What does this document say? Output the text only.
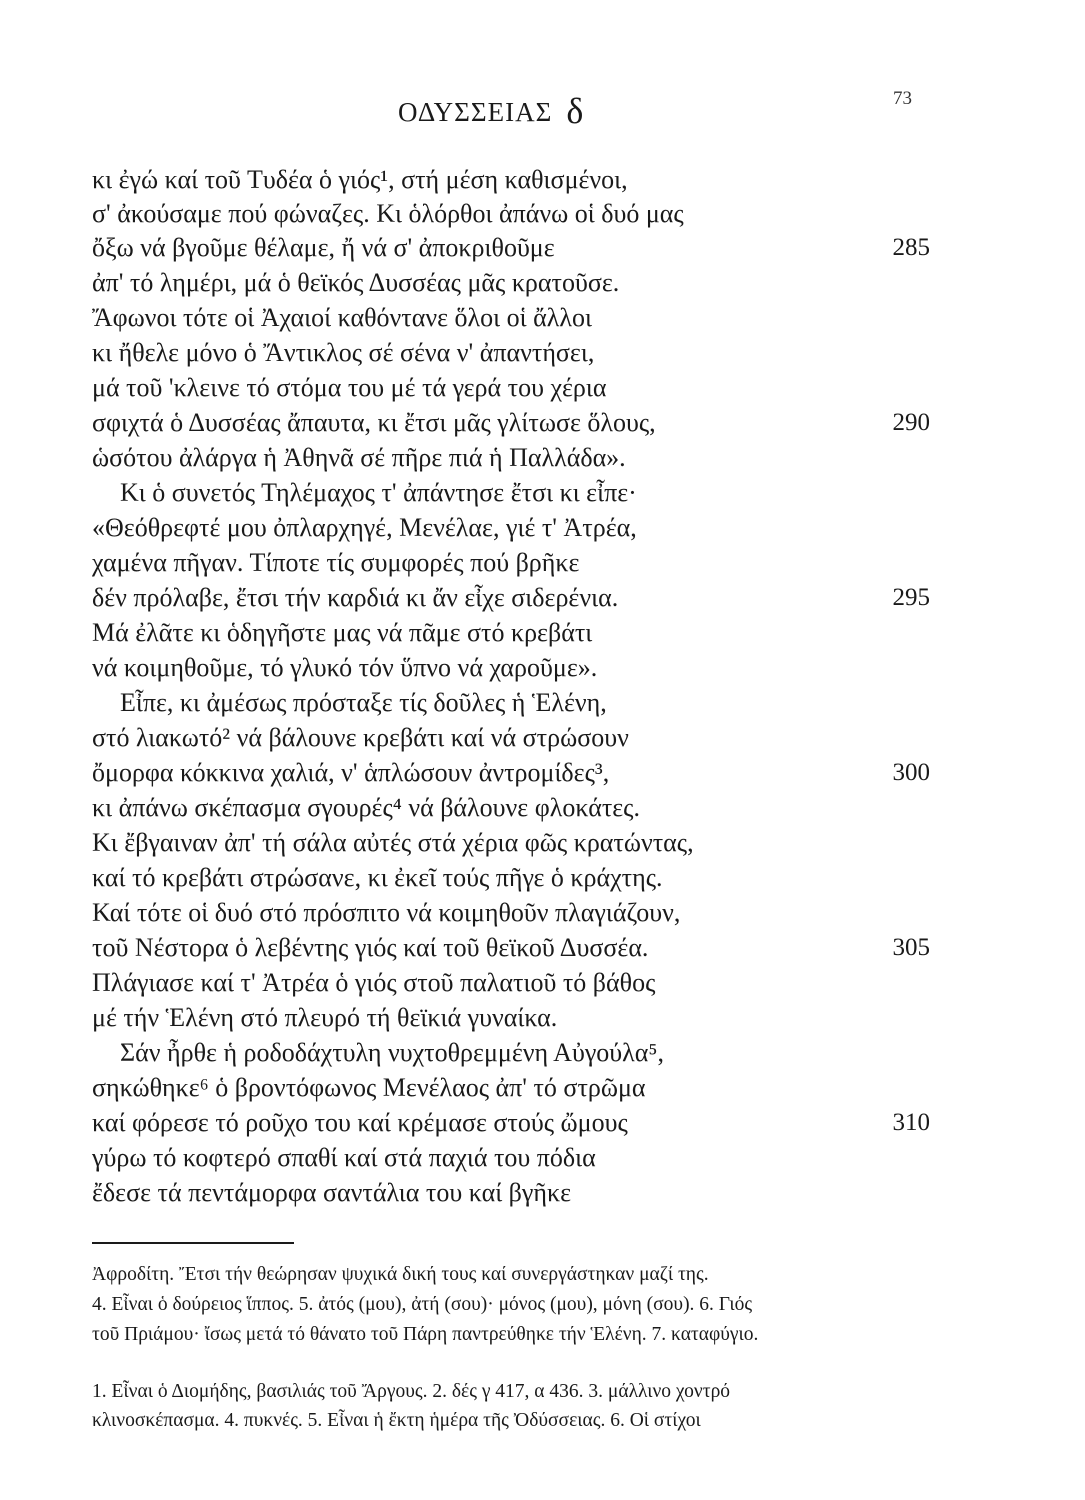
ΟΔΥΣΣΕΙΑΣ δ	73
κι ἐγώ καί τοῦ Τυδέα ὁ γιός¹, στή μέση καθισμένοι,
σ' ἀκούσαμε πού φώναζες. Κι ὁλόρθοι ἀπάνω οἱ δυό μας
ὄξω νά βγοῦμε θέλαμε, ἤ νά σ' ἀποκριθοῦμε
ἀπ' τό λημέρι, μά ὁ θεϊκός Δυσσέας μᾶς κρατοῦσε.
Ἄφωνοι τότε οἱ Ἀχαιοί καθόντανε ὅλοι οἱ ἄλλοι
κι ἤθελε μόνο ὁ Ἄντικλος σέ σένα ν' ἀπαντήσει,
μά τοῦ 'κλεινε τό στόμα του μέ τά γερά του χέρια
σφιχτά ὁ Δυσσέας ἄπαυτα, κι ἔτσι μᾶς γλίτωσε ὅλους,
ὡσότου ἀλάργα ἡ Ἀθηνᾶ σέ πῆρε πιά ἡ Παλλάδα».
Κι ὁ συνετός Τηλέμαχος τ' ἀπάντησε ἔτσι κι εἶπε·
«Θεόθρεφτέ μου ὀπλαρχηγέ, Μενέλαε, γιέ τ' Ἀτρέα,
χαμένα πῆγαν. Τίποτε τίς συμφορές πού βρῆκε
δέν πρόλαβε, ἔτσι τήν καρδιά κι ἄν εἶχε σιδερένια.
Μά ἐλᾶτε κι ὁδηγῆστε μας νά πᾶμε στό κρεβάτι
νά κοιμηθοῦμε, τό γλυκό τόν ὕπνο νά χαροῦμε».
Εἶπε, κι ἀμέσως πρόσταξε τίς δοῦλες ἡ Ἑλένη,
στό λιακωτό² νά βάλουνε κρεβάτι καί νά στρώσουν
ὄμορφα κόκκινα χαλιά, ν' ἁπλώσουν ἀντρομίδες³,
κι ἀπάνω σκέπασμα σγουρές⁴ νά βάλουνε φλοκάτες.
Κι ἔβγαιναν ἀπ' τή σάλα αὐτές στά χέρια φῶς κρατώντας,
καί τό κρεβάτι στρώσανε, κι ἐκεῖ τούς πῆγε ὁ κράχτης.
Καί τότε οἱ δυό στό πρόσπιτο νά κοιμηθοῦν πλαγιάζουν,
τοῦ Νέστορα ὁ λεβέντης γιός καί τοῦ θεϊκοῦ Δυσσέα.
Πλάγιασε καί τ' Ἀτρέα ὁ γιός στοῦ παλατιοῦ τό βάθος
μέ τήν Ἑλένη στό πλευρό τή θεϊκιά γυναίκα.
Σάν ἦρθε ἡ ροδοδάχτυλη νυχτοθρεμμένη Αὐγούλα⁵,
σηκώθηκε⁶ ὁ βροντόφωνος Μενέλαος ἀπ' τό στρῶμα
καί φόρεσε τό ροῦχο του καί κρέμασε στούς ὤμους
γύρω τό κοφτερό σπαθί καί στά παχιά του πόδια
ἔδεσε τά πεντάμορφα σαντάλια του καί βγῆκε
285
290
295
300
305
310
Ἀφροδίτη. Ἔτσι τήν θεώρησαν ψυχικά δική τους καί συνεργάστηκαν μαζί της.
4. Εἶναι ὁ δούρειος ἵππος. 5. ἀτός (μου), ἀτή (σου)· μόνος (μου), μόνη (σου). 6. Γιός
τοῦ Πριάμου· ἴσως μετά τό θάνατο τοῦ Πάρη παντρεύθηκε τήν Ἑλένη. 7. καταφύγιο.
1. Εἶναι ὁ Διομήδης, βασιλιάς τοῦ Ἄργους. 2. δές γ 417, α 436. 3. μάλλινο χοντρό
κλινοσκέπασμα. 4. πυκνές. 5. Εἶναι ἡ ἔκτη ἡμέρα τῆς Ὀδύσσειας. 6. Οἱ στίχοι
